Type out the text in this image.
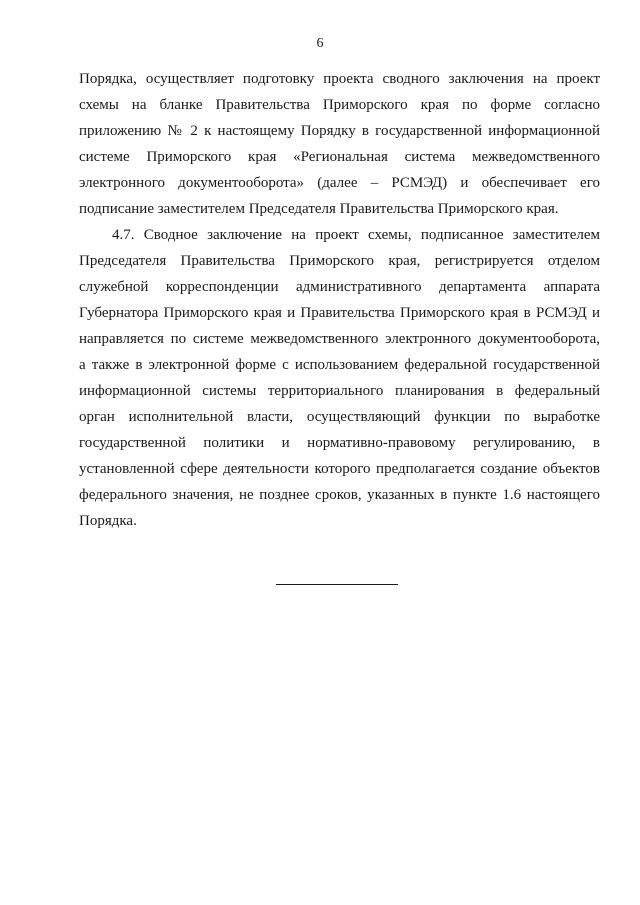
6
Порядка, осуществляет подготовку проекта сводного заключения на проект
схемы на бланке Правительства Приморского края по форме согласно
приложению № 2 к настоящему Порядку в государственной информационной
системе Приморского края «Региональная система межведомственного
электронного документооборота» (далее – РСМЭД) и обеспечивает его
подписание заместителем Председателя Правительства Приморского края.
4.7. Сводное заключение на проект схемы, подписанное заместителем
Председателя Правительства Приморского края, регистрируется отделом
служебной корреспонденции административного департамента аппарата
Губернатора Приморского края и Правительства Приморского края в РСМЭД и
направляется по системе межведомственного электронного документооборота,
а также в электронной форме с использованием федеральной государственной
информационной системы территориального планирования в федеральный
орган исполнительной власти, осуществляющий функции по выработке
государственной политики и нормативно-правовому регулированию, в
установленной сфере деятельности которого предполагается создание объектов
федерального значения, не позднее сроков, указанных в пункте 1.6 настоящего
Порядка.
